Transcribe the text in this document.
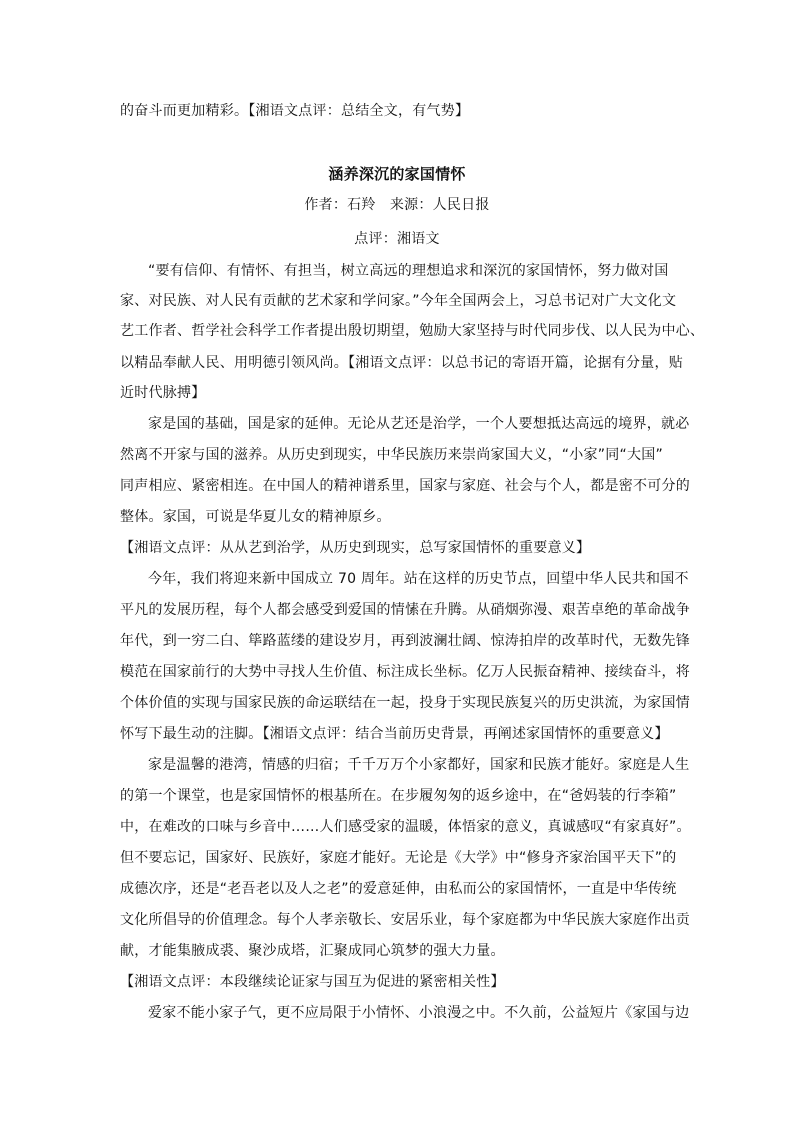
的奋斗而更加精彩。【湘语文点评：总结全文，有气势】
涵养深沉的家国情怀
作者：石羚　来源：人民日报
点评：湘语文
“要有信仰、有情怀、有担当，树立高远的理想追求和深沉的家国情怀，努力做对国
家、对民族、对人民有贡献的艺术家和学问家。”今年全国两会上，习总书记对广大文化文
艺工作者、哲学社会科学工作者提出殷切期望，勉励大家坚持与时代同步伐、以人民为中心、
以精品奉献人民、用明德引领风尚。【湘语文点评：以总书记的寄语开篇，论据有分量，贴
近时代脉搏】
家是国的基础，国是家的延伸。无论从艺还是治学，一个人要想抵达高远的境界，就必
然离不开家与国的滋养。从历史到现实，中华民族历来崇尚家国大义，“小家”同“大国”
同声相应、紧密相连。在中国人的精神谱系里，国家与家庭、社会与个人，都是密不可分的
整体。家国，可说是华夏儿女的精神原乡。
【湘语文点评：从从艺到治学，从历史到现实，总写家国情怀的重要意义】
今年，我们将迎来新中国成立 70 周年。站在这样的历史节点，回望中华人民共和国不
平凡的发展历程，每个人都会感受到爱国的情愫在升腾。从硝烟弥漫、艰苦卓绝的革命战争
年代，到一穷二白、筚路蓝缕的建设岁月，再到波澜壮阔、惊涛拍岸的改革时代，无数先锋
模范在国家前行的大势中寻找人生价值、标注成长坐标。亿万人民振奋精神、接续奋斗，将
个体价值的实现与国家民族的命运联结在一起，投身于实现民族复兴的历史洪流，为家国情
怀写下最生动的注脚。【湘语文点评：结合当前历史背景，再阐述家国情怀的重要意义】
家是温馨的港湾，情感的归宿；千千万万个小家都好，国家和民族才能好。家庭是人生
的第一个课堂，也是家国情怀的根基所在。在步履匆匆的返乡途中，在“爸妈装的行李箱”
中，在难改的口味与乡音中……人们感受家的温暖，体悟家的意义，真诚感叹“有家真好”。
但不要忘记，国家好、民族好，家庭才能好。无论是《大学》中“修身齐家治国平天下”的
成德次序，还是“老吾老以及人之老”的爱意延伸，由私而公的家国情怀，一直是中华传统
文化所倡导的价值理念。每个人孝亲敬长、安居乐业，每个家庭都为中华民族大家庭作出贡
献，才能集腋成裘、聚沙成塔，汇聚成同心筑梦的强大力量。
【湘语文点评：本段继续论证家与国互为促进的紧密相关性】
爱家不能小家子气，更不应局限于小情怀、小浪漫之中。不久前，公益短片《家国与边
